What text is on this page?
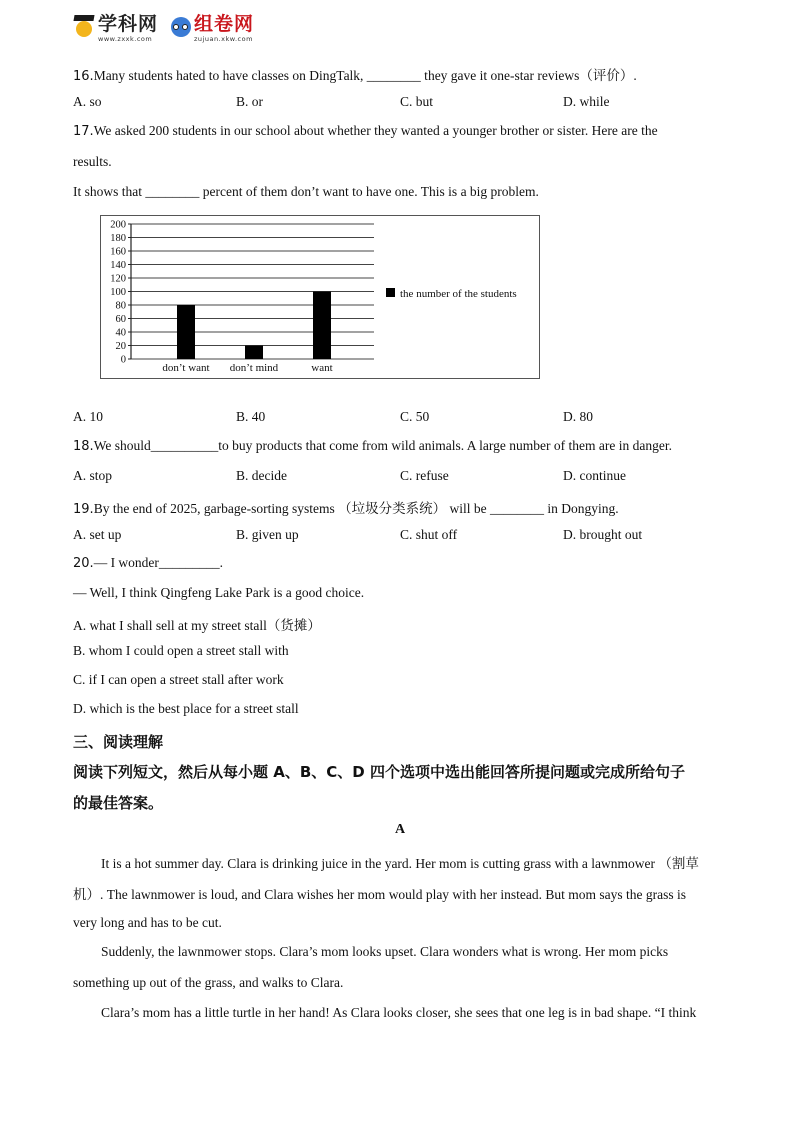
学科网
www.zxxk.com
组卷网
zujuan.xkw.com
16.Many students hated to have classes on DingTalk, ________ they gave it one-star reviews（评价）.
A. so	B. or	C. but	D. while
17.We asked 200 students in our school about whether they wanted a younger brother or sister. Here are the
results.
It shows that ________ percent of them don’t want to have one. This is a big problem.
0
20
40
60
80
100
120
140
160
180
200
don’t want don’t mind	want
the number of the students
A. 10	B. 40	C. 50	D. 80
18.We should__________to buy products that come from wild animals. A large number of them are in danger.
A. stop	B. decide	C. refuse	D. continue
19.By the end of 2025, garbage-sorting systems （垃圾分类系统） will be ________ in Dongying.
A. set up	B. given up	C. shut off	D. brought out
20.— I wonder_________.
— Well, I think Qingfeng Lake Park is a good choice.
A. what I shall sell at my street stall（货摊）
B. whom I could open a street stall with
C. if I can open a street stall after work
D. which is the best place for a street stall
三、阅读理解
阅读下列短文，然后从每小题 A、B、C、D 四个选项中选出能回答所提问题或完成所给句子
的最佳答案。
A
It is a hot summer day. Clara is drinking juice in the yard. Her mom is cutting grass with a lawnmower （割草
机）. The lawnmower is loud, and Clara wishes her mom would play with her instead. But mom says the grass is
very long and has to be cut.
Suddenly, the lawnmower stops. Clara’s mom looks upset. Clara wonders what is wrong. Her mom picks
something up out of the grass, and walks to Clara.
Clara’s mom has a little turtle in her hand! As Clara looks closer, she sees that one leg is in bad shape. “I think
